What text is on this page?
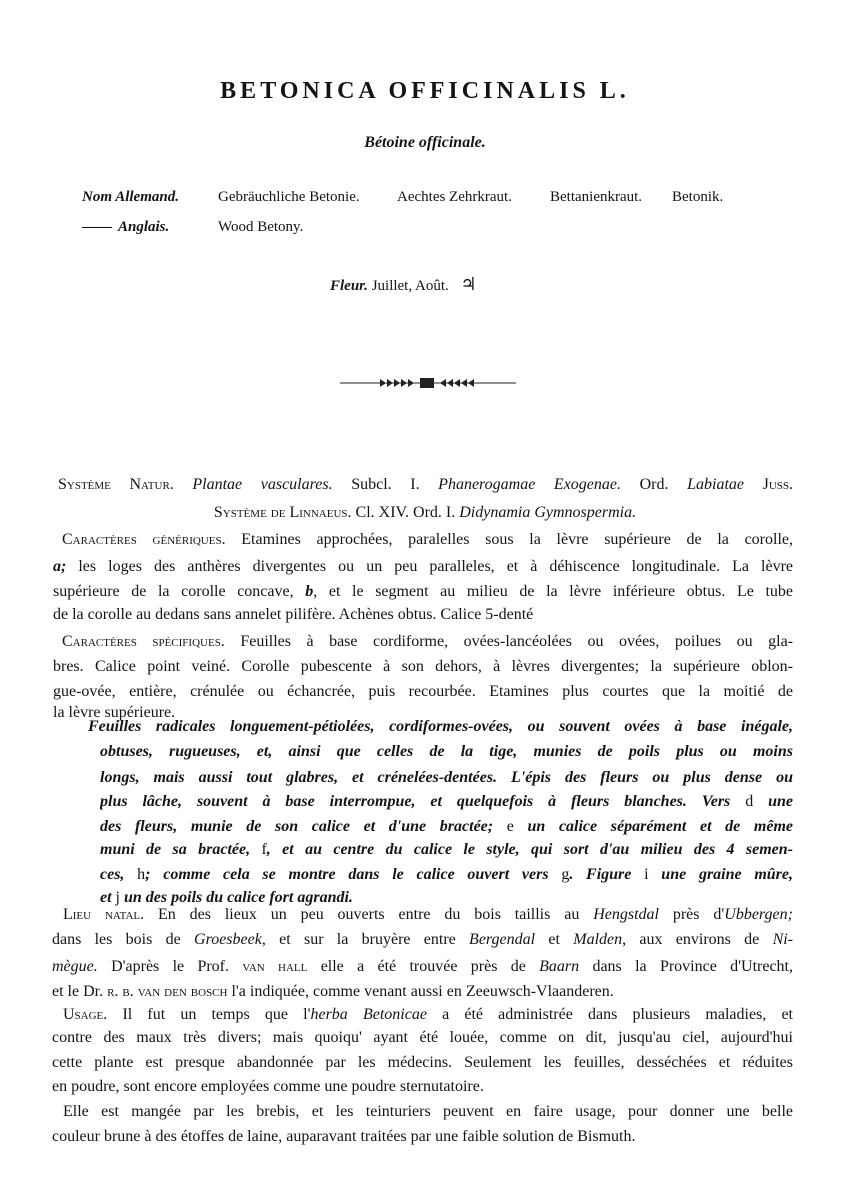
BETONICA OFFICINALIS L.
Bétoine officinale.
Nom Allemand.	Gebräuchliche Betonie. Aechtes Zehrkraut.	Bettanienkraut. Betonik.
—— Anglais.	Wood Betony.
Fleur. Juillet, Août. ♃
Système Natur. Plantae vasculares. Subcl. I. Phanerogamae Exogenae. Ord. Labiatae Juss.
Système de Linnaeus. Cl. XIV. Ord. I. Didynamia Gymnospermia.
Caractères génériques. Etamines approchées, paralelles sous la lèvre supérieure de la corolle,
a; les loges des anthères divergentes ou un peu paralleles, et à déhiscence longitudinale. La lèvre
supérieure de la corolle concave, b, et le segment au milieu de la lèvre inférieure obtus. Le tube
de la corolle au dedans sans annelet pilifère. Achènes obtus. Calice 5-denté
Caractères spécifiques. Feuilles à base cordiforme, ovées-lancéolées ou ovées, poilues ou gla-
bres. Calice point veiné. Corolle pubescente à son dehors, à lèvres divergentes; la supérieure oblon-
gue-ovée, entière, crénulée ou échancrée, puis recourbée. Etamines plus courtes que la moitié de
la lèvre supérieure.
Feuilles radicales longuement-pétiolées, cordiformes-ovées, ou souvent ovées à base inégale,
obtuses, rugueuses, et, ainsi que celles de la tige, munies de poils plus ou moins
longs, mais aussi tout glabres, et crénelées-dentées. L'épis des fleurs ou plus dense ou
plus lâche, souvent à base interrompue, et quelquefois à fleurs blanches. Vers d une
des fleurs, munie de son calice et d'une bractée; e un calice séparément et de même
muni de sa bractée, f, et au centre du calice le style, qui sort d'au milieu des 4 semen-
ces, h; comme cela se montre dans le calice ouvert vers g. Figure i une graine mûre,
et j un des poils du calice fort agrandi.
Lieu natal. En des lieux un peu ouverts entre du bois taillis au Hengstdal près d'Ubbergen;
dans les bois de Groesbeek, et sur la bruyère entre Bergendal et Malden, aux environs de Ni-
mègue. D'après le Prof. van hall elle a été trouvée près de Baarn dans la Province d'Utrecht,
et le Dr. r. b. van den bosch l'a indiquée, comme venant aussi en Zeeuwsch-Vlaanderen.
Usage. Il fut un temps que l'herba Betonicae a été administrée dans plusieurs maladies, et
contre des maux très divers; mais quoiqu' ayant été louée, comme on dit, jusqu'au ciel, aujourd'hui
cette plante est presque abandonnée par les médecins. Seulement les feuilles, desséchées et réduites
en poudre, sont encore employées comme une poudre sternutatoire.
Elle est mangée par les brebis, et les teinturiers peuvent en faire usage, pour donner une belle
couleur brune à des étoffes de laine, auparavant traitées par une faible solution de Bismuth.
